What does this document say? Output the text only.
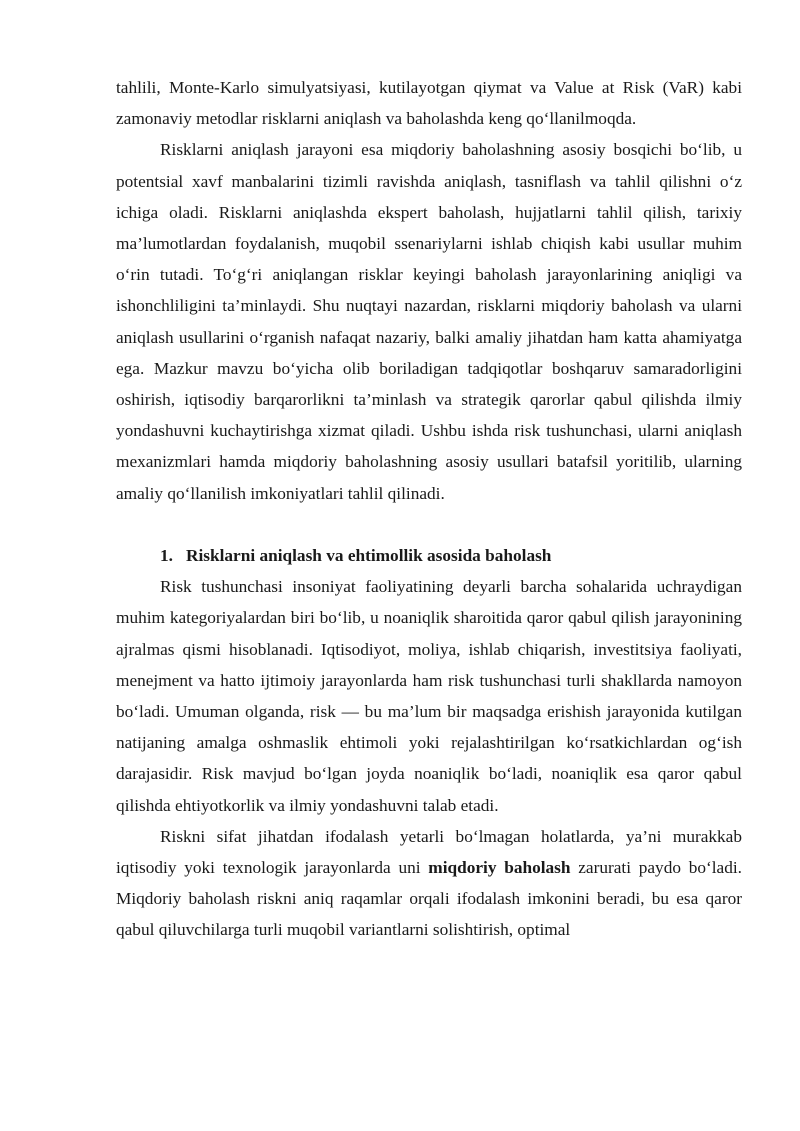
tahlili, Monte-Karlo simulyatsiyasi, kutilayotgan qiymat va Value at Risk (VaR) kabi zamonaviy metodlar risklarni aniqlash va baholashda keng qo‘llanilmoqda.

Risklarni aniqlash jarayoni esa miqdoriy baholashning asosiy bosqichi bo‘lib, u potentsial xavf manbalarini tizimli ravishda aniqlash, tasniflash va tahlil qilishni o‘z ichiga oladi. Risklarni aniqlashda ekspert baholash, hujjatlarni tahlil qilish, tarixiy ma’lumotlardan foydalanish, muqobil ssenariylarni ishlab chiqish kabi usullar muhim o‘rin tutadi. To‘g‘ri aniqlangan risklar keyingi baholash jarayonlarining aniqligi va ishonchliligini ta’minlaydi. Shu nuqtayi nazardan, risklarni miqdoriy baholash va ularni aniqlash usullarini o‘rganish nafaqat nazariy, balki amaliy jihatdan ham katta ahamiyatga ega. Mazkur mavzu bo‘yicha olib boriladigan tadqiqotlar boshqaruv samaradorligini oshirish, iqtisodiy barqarorlikni ta’minlash va strategik qarorlar qabul qilishda ilmiy yondashuvni kuchaytirishga xizmat qiladi. Ushbu ishda risk tushunchasi, ularni aniqlash mexanizmlari hamda miqdoriy baholashning asosiy usullari batafsil yoritilib, ularning amaliy qo‘llanilish imkoniyatlari tahlil qilinadi.

1. Risklarni aniqlash va ehtimollik asosida baholash

Risk tushunchasi insoniyat faoliyatining deyarli barcha sohalarida uchraydigan muhim kategoriyalardan biri bo‘lib, u noaniqlik sharoitida qaror qabul qilish jarayonining ajralmas qismi hisoblanadi. Iqtisodiyot, moliya, ishlab chiqarish, investitsiya faoliyati, menejment va hatto ijtimoiy jarayonlarda ham risk tushunchasi turli shakllarda namoyon bo‘ladi. Umuman olganda, risk — bu ma’lum bir maqsadga erishish jarayonida kutilgan natijaning amalga oshmaslik ehtimoli yoki rejalashtirilgan ko‘rsatkichlardan og‘ish darajasidir. Risk mavjud bo‘lgan joyda noaniqlik bo‘ladi, noaniqlik esa qaror qabul qilishda ehtiyotkorlik va ilmiy yondashuvni talab etadi.

Riskni sifat jihatdan ifodalash yetarli bo‘lmagan holatlarda, ya’ni murakkab iqtisodiy yoki texnologik jarayonlarda uni miqdoriy baholash zarurati paydo bo‘ladi. Miqdoriy baholash riskni aniq raqamlar orqali ifodalash imkonini beradi, bu esa qaror qabul qiluvchilarga turli muqobil variantlarni solishtirish, optimal
